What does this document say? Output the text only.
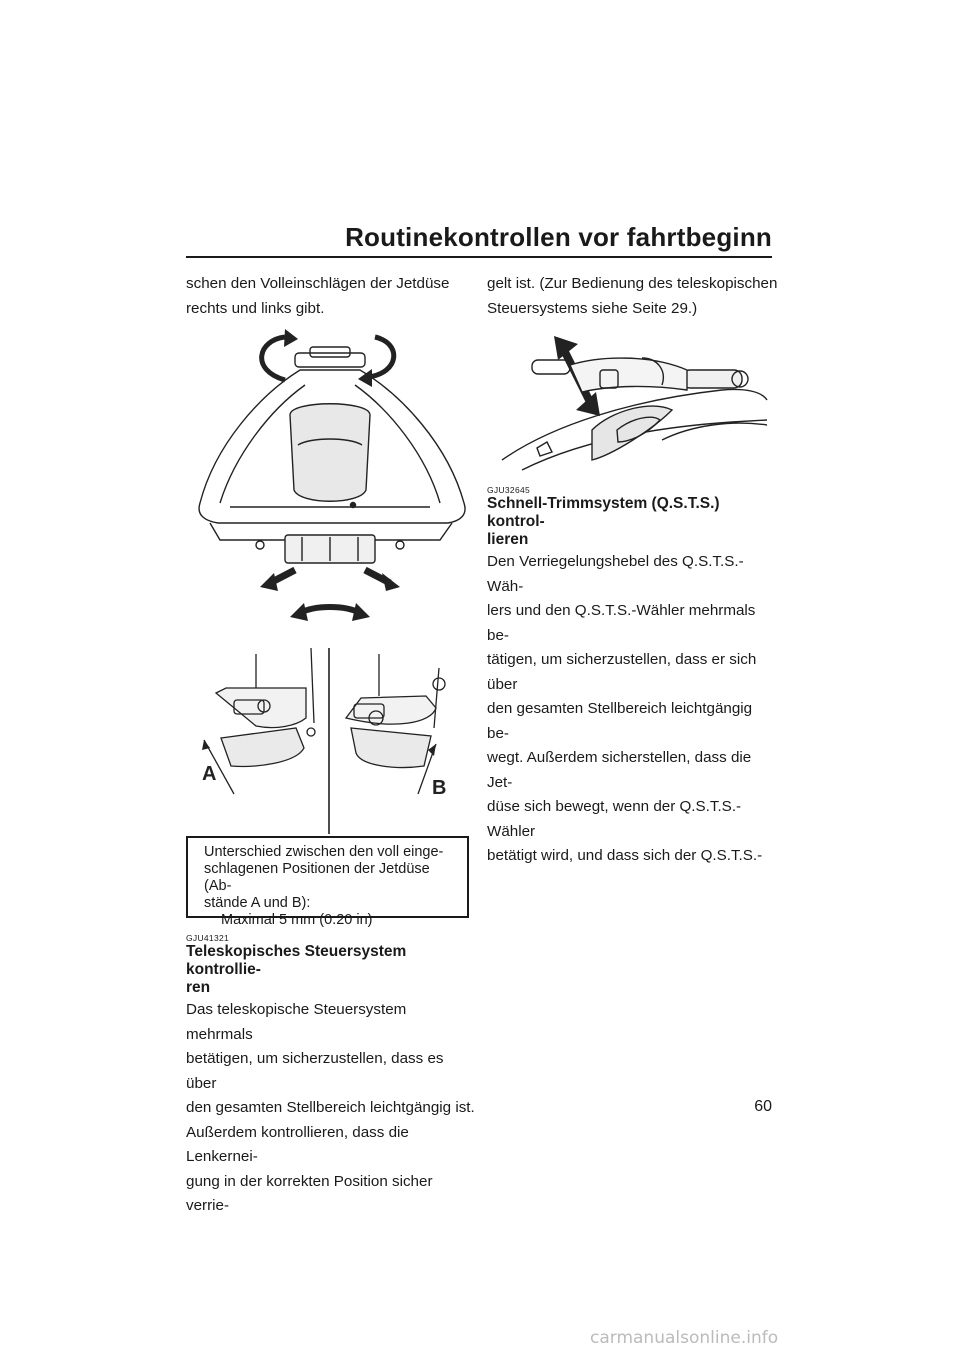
Routinekontrollen vor fahrtbeginn
schen den Volleinschlägen der Jetdüse
rechts und links gibt.
A
B
Unterschied zwischen den voll einge-
schlagenen Positionen der Jetdüse (Ab-
stände A und B):
Maximal 5 mm (0.20 in)
GJU41321
Teleskopisches Steuersystem kontrollie-
ren
Das teleskopische Steuersystem mehrmals
betätigen, um sicherzustellen, dass es über
den gesamten Stellbereich leichtgängig ist.
Außerdem kontrollieren, dass die Lenkernei-
gung in der korrekten Position sicher verrie-
gelt ist. (Zur Bedienung des teleskopischen
Steuersystems siehe Seite 29.)
GJU32645
Schnell-Trimmsystem (Q.S.T.S.) kontrol-
lieren
Den Verriegelungshebel des Q.S.T.S.-Wäh-
lers und den Q.S.T.S.-Wähler mehrmals be-
tätigen, um sicherzustellen, dass er sich über
den gesamten Stellbereich leichtgängig be-
wegt. Außerdem sicherstellen, dass die Jet-
düse sich bewegt, wenn der Q.S.T.S.-Wähler
betätigt wird, und dass sich der Q.S.T.S.-
60
carmanualsonline.info
